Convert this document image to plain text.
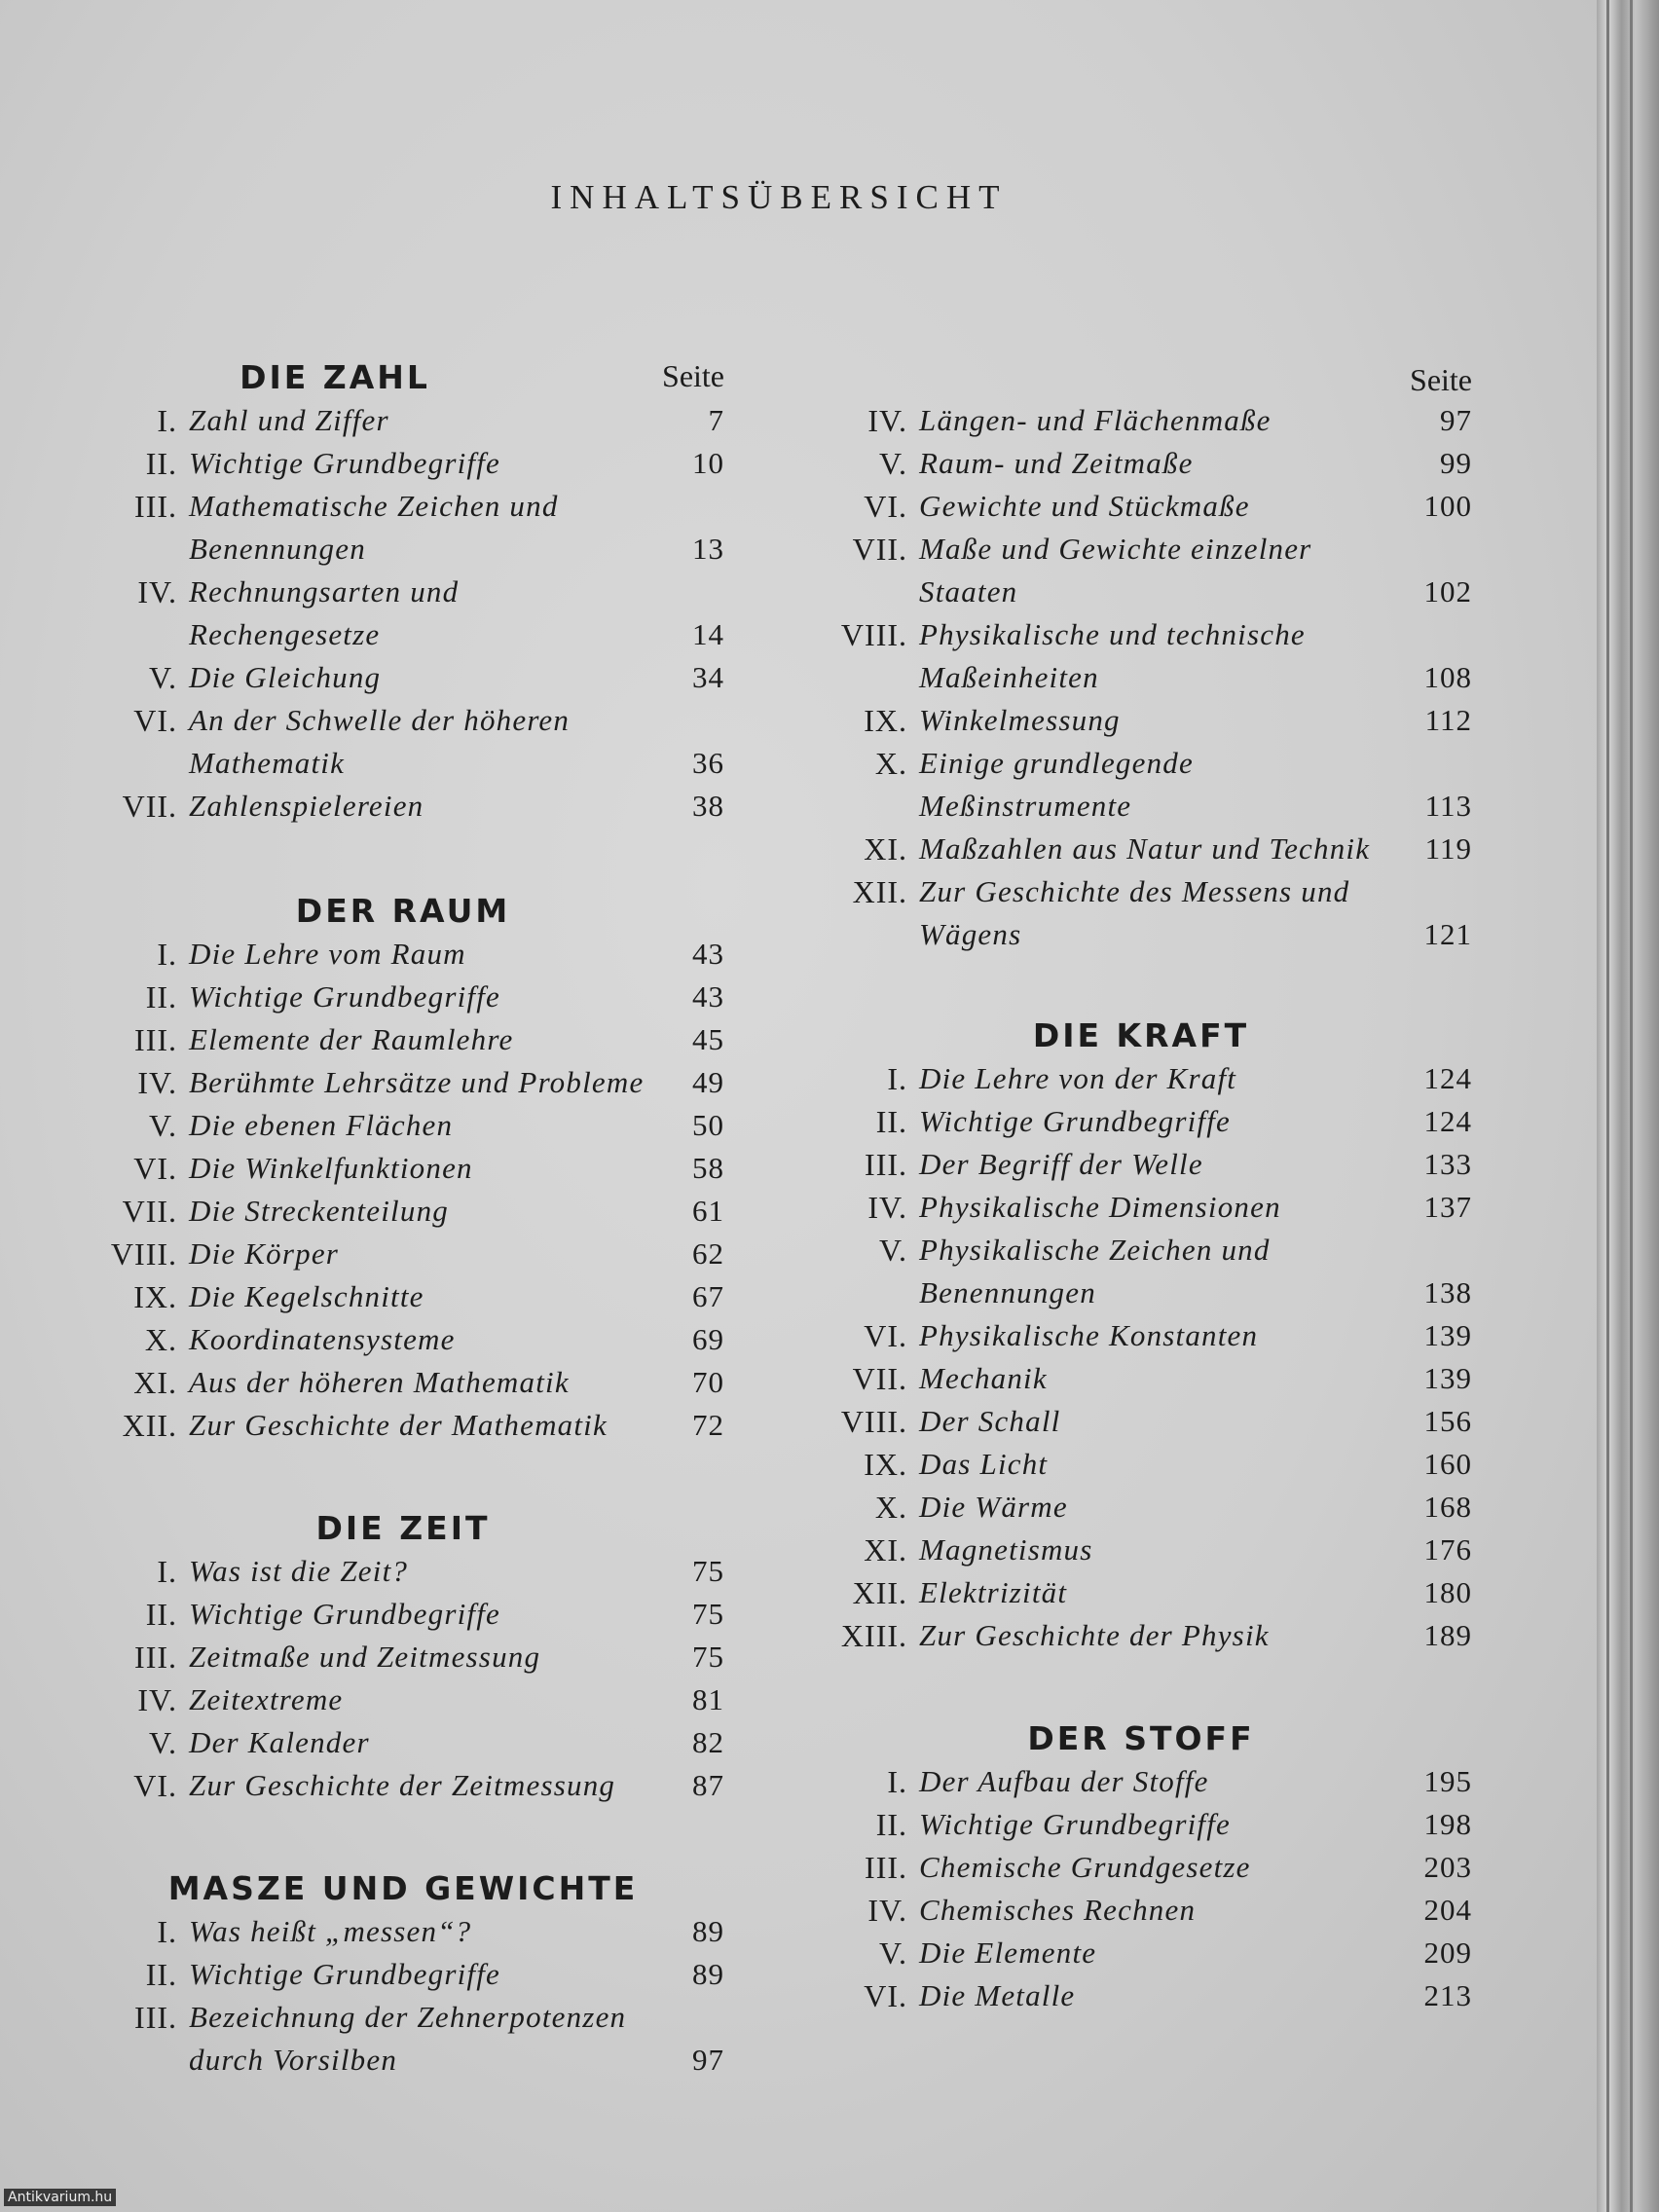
INHALTSÜBERSICHT
Seite
DIE ZAHL
I. Zahl und Ziffer	7
II. Wichtige Grundbegriffe	10
III. Mathematische Zeichen und Benennungen	13
IV. Rechnungsarten und Rechengesetze	14
V. Die Gleichung	34
VI. An der Schwelle der höheren Mathematik	36
VII. Zahlenspielereien	38
DER RAUM
I. Die Lehre vom Raum	43
II. Wichtige Grundbegriffe	43
III. Elemente der Raumlehre	45
IV. Berühmte Lehrsätze und Probleme	49
V. Die ebenen Flächen	50
VI. Die Winkelfunktionen	58
VII. Die Streckenteilung	61
VIII. Die Körper	62
IX. Die Kegelschnitte	67
X. Koordinatensysteme	69
XI. Aus der höheren Mathematik	70
XII. Zur Geschichte der Mathematik	72
DIE ZEIT
I. Was ist die Zeit?	75
II. Wichtige Grundbegriffe	75
III. Zeitmaße und Zeitmessung	75
IV. Zeitextreme	81
V. Der Kalender	82
VI. Zur Geschichte der Zeitmessung	87
MASZE UND GEWICHTE
I. Was heißt „messen“?	89
II. Wichtige Grundbegriffe	89
III. Bezeichnung der Zehnerpotenzen durch Vorsilben	97
Seite
IV. Längen- und Flächenmaße	97
V. Raum- und Zeitmaße	99
VI. Gewichte und Stückmaße	100
VII. Maße und Gewichte einzelner Staaten	102
VIII. Physikalische und technische Maßeinheiten	108
IX. Winkelmessung	112
X. Einige grundlegende Meßinstrumente	113
XI. Maßzahlen aus Natur und Technik	119
XII. Zur Geschichte des Messens und Wägens	121
DIE KRAFT
I. Die Lehre von der Kraft	124
II. Wichtige Grundbegriffe	124
III. Der Begriff der Welle	133
IV. Physikalische Dimensionen	137
V. Physikalische Zeichen und Benennungen	138
VI. Physikalische Konstanten	139
VII. Mechanik	139
VIII. Der Schall	156
IX. Das Licht	160
X. Die Wärme	168
XI. Magnetismus	176
XII. Elektrizität	180
XIII. Zur Geschichte der Physik	189
DER STOFF
I. Der Aufbau der Stoffe	195
II. Wichtige Grundbegriffe	198
III. Chemische Grundgesetze	203
IV. Chemisches Rechnen	204
V. Die Elemente	209
VI. Die Metalle	213
Antikvarium.hu
